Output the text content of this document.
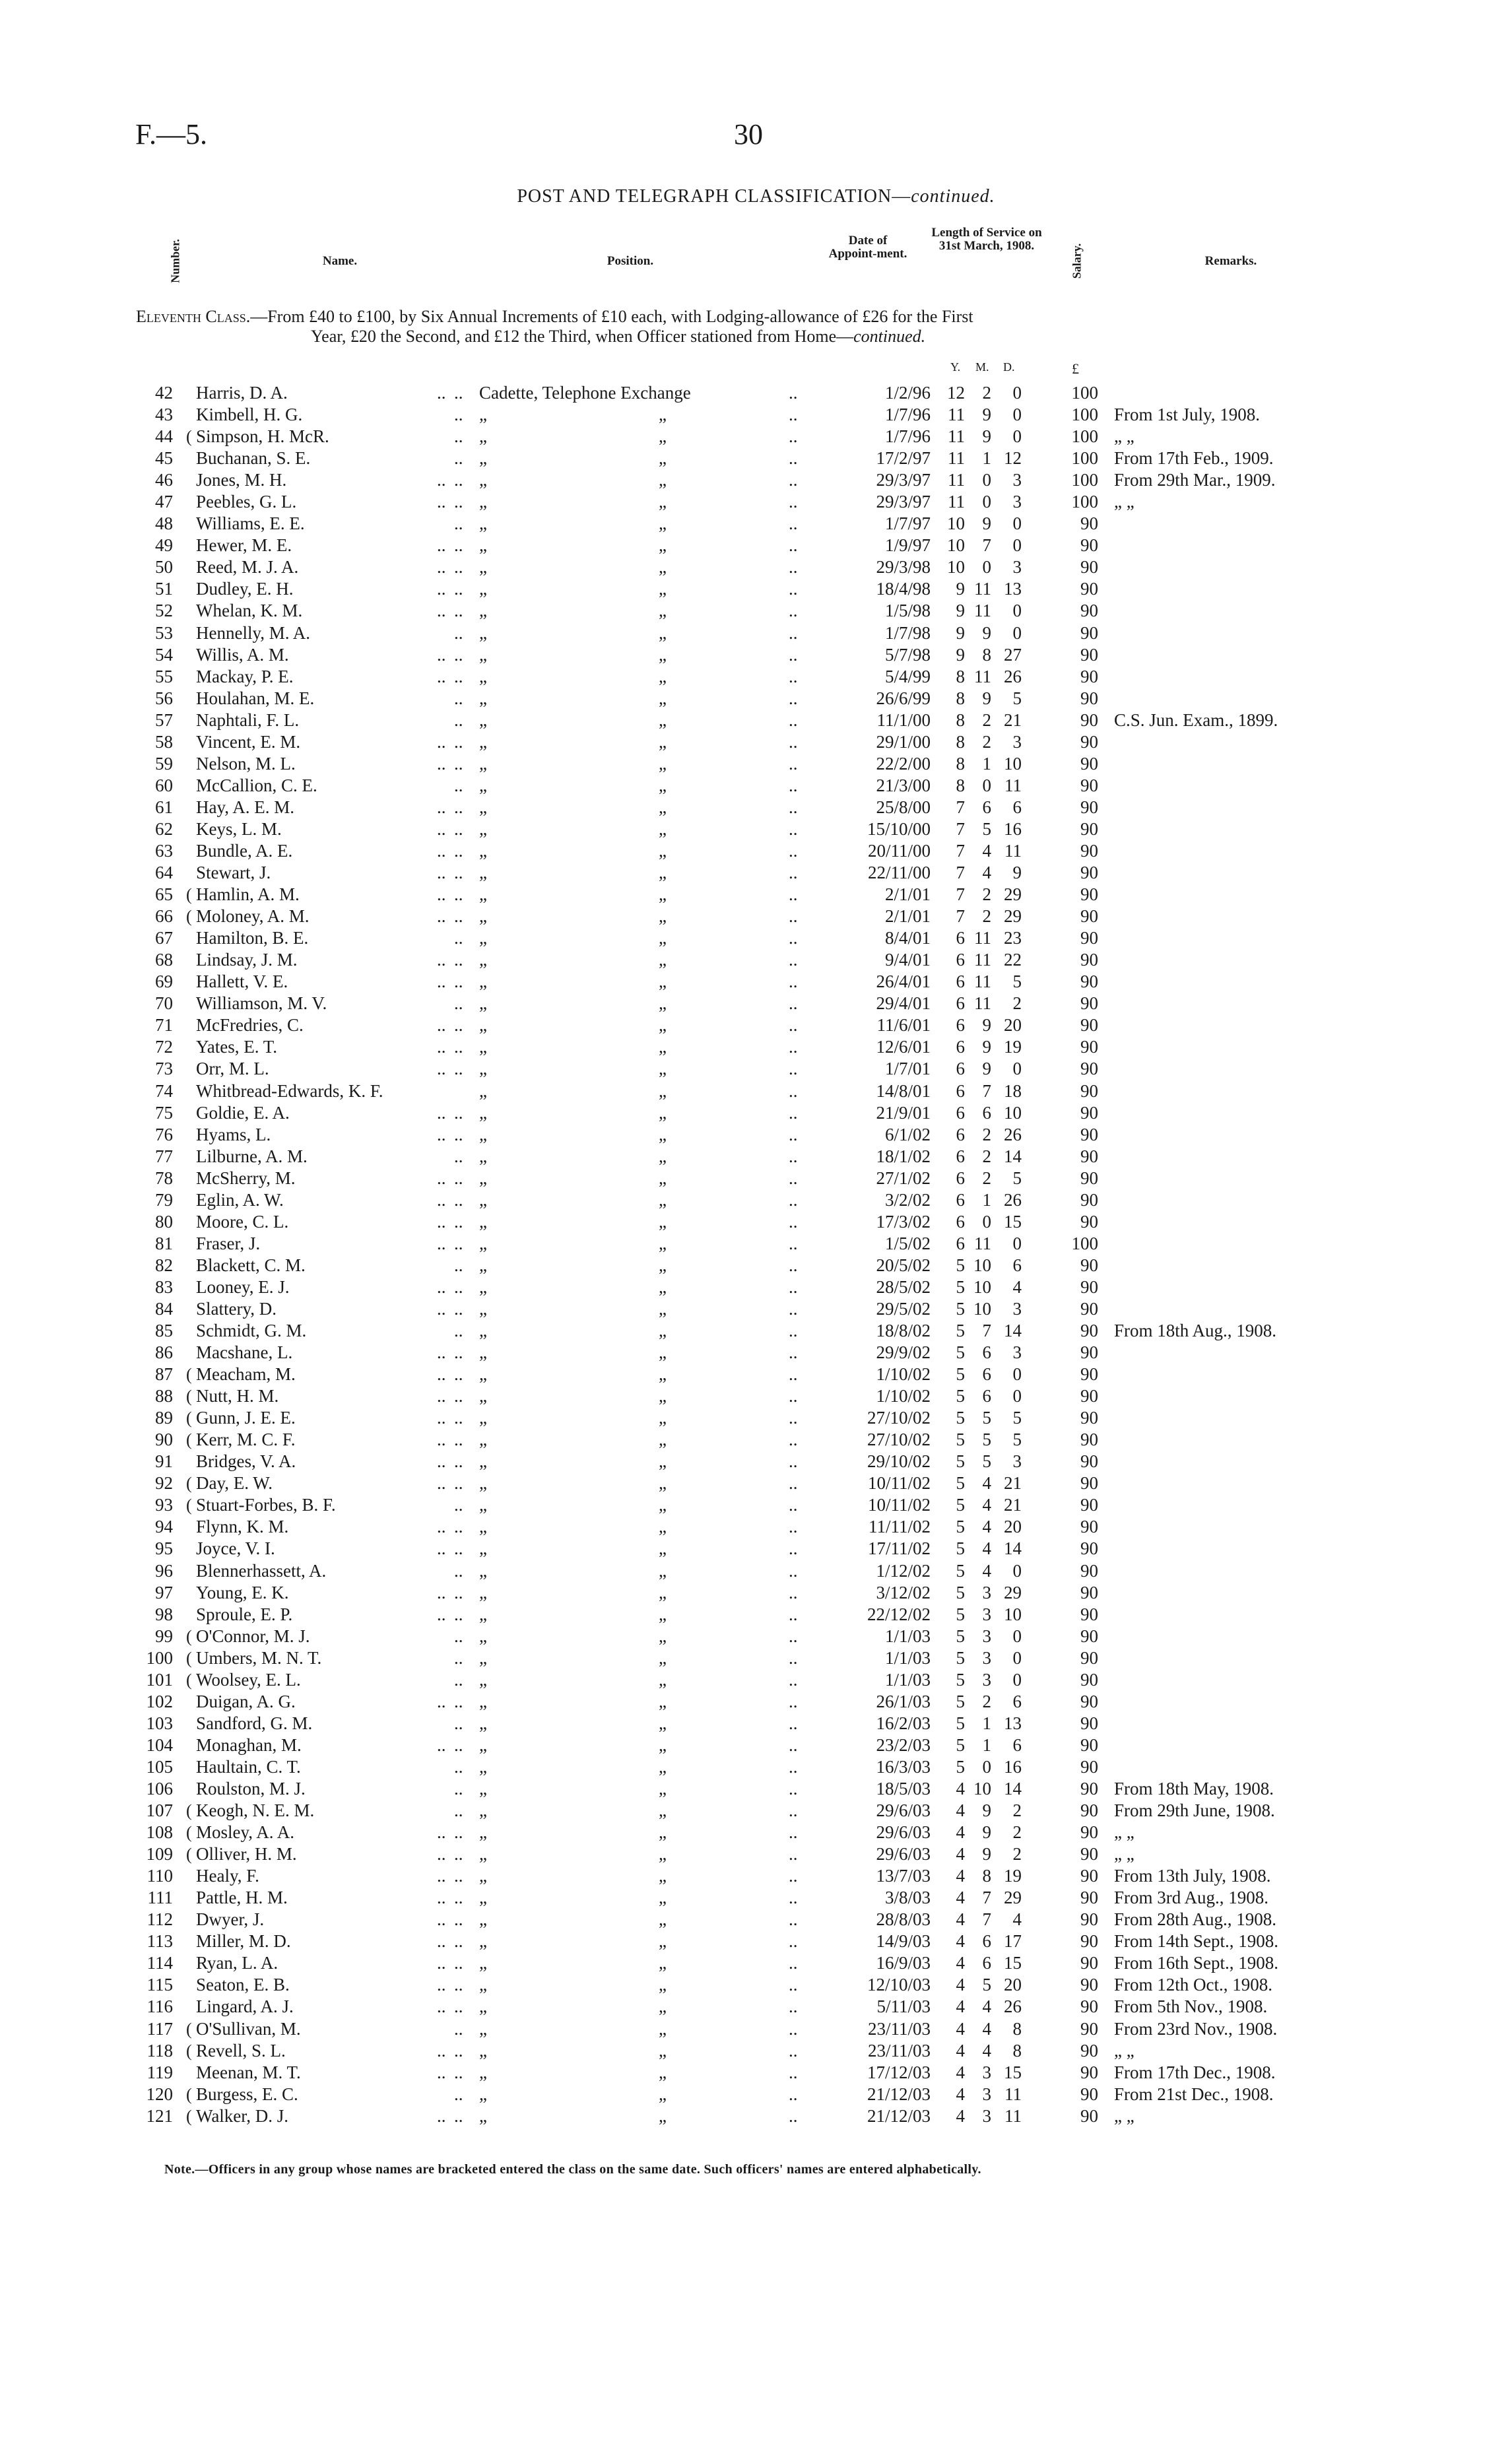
F.—5.	30
POST AND TELEGRAPH CLASSIFICATION—continued.
Number.	Name.	Position.
Date of Appoint-ment.
Length of Service on 31st March, 1908.	Salary.	Remarks.
Eleventh Class.—From £40 to £100, by Six Annual Increments of £10 each, with Lodging-allowance of £26 for the First
Year, £20 the Second, and £12 the Third, when Officer stationed from Home—continued.
Y. M. D.	£
42 Harris, D. A.	.. .. Cadette, Telephone Exchange	..	1/2/96 12 2	0	100
43 Kimbell, H. G.	.. „	„	..	1/7/96 11 9	0	100 From 1st July, 1908.
44 ( Simpson, H. McR.	.. „	„	..	1/7/96 11 9	0	100 „ „
45 Buchanan, S. E.	.. „	„	..	17/2/97 11 1 12	100 From 17th Feb., 1909.
46 Jones, M. H.	.. .. „	„	..	29/3/97 11 0	3	100 From 29th Mar., 1909.
47 Peebles, G. L.	.. .. „	„	..	29/3/97 11 0	3	100 „ „
48 Williams, E. E.	.. „	„	..	1/7/97 10 9	0	90
49 Hewer, M. E.	.. .. „	„	..	1/9/97 10 7	0	90
50 Reed, M. J. A.	.. .. „	„	..	29/3/98 10 0	3	90
51 Dudley, E. H.	.. .. „	„	..	18/4/98	9 11 13	90
52 Whelan, K. M.	.. .. „	„	..	1/5/98	9 11	0	90
53 Hennelly, M. A.	.. „	„	..	1/7/98	9 9	0	90
54 Willis, A. M.	.. .. „	„	..	5/7/98	9 8 27	90
55 Mackay, P. E.	.. .. „	„	..	5/4/99	8 11 26	90
56 Houlahan, M. E.	.. „	„	..	26/6/99	8 9	5	90
57 Naphtali, F. L.	.. „	„	..	11/1/00	8 2 21	90 C.S. Jun. Exam., 1899.
58 Vincent, E. M.	.. .. „	„	..	29/1/00	8 2	3	90
59 Nelson, M. L.	.. .. „	„	..	22/2/00	8 1 10	90
60 McCallion, C. E.	.. „	„	..	21/3/00	8 0 11	90
61 Hay, A. E. M.	.. .. „	„	..	25/8/00	7 6	6	90
62 Keys, L. M.	.. .. „	„	..	15/10/00	7 5 16	90
63 Bundle, A. E.	.. .. „	„	..	20/11/00	7 4 11	90
64 Stewart, J.	.. .. „	„	..	22/11/00	7 4	9	90
65 ( Hamlin, A. M.	.. .. „	„	..	2/1/01	7 2 29	90
66 ( Moloney, A. M.	.. .. „	„	..	2/1/01	7 2 29	90
67 Hamilton, B. E.	.. „	„	..	8/4/01	6 11 23	90
68 Lindsay, J. M.	.. .. „	„	..	9/4/01	6 11 22	90
69 Hallett, V. E.	.. .. „	„	..	26/4/01	6 11	5	90
70 Williamson, M. V.	.. „	„	..	29/4/01	6 11	2	90
71 McFredries, C.	.. .. „	„	..	11/6/01	6 9 20	90
72 Yates, E. T.	.. .. „	„	..	12/6/01	6 9 19	90
73 Orr, M. L.	.. .. „	„	..	1/7/01	6 9	0	90
74 Whitbread-Edwards, K. F.	„	„	..	14/8/01	6 7 18	90
75 Goldie, E. A.	.. .. „	„	..	21/9/01	6 6 10	90
76 Hyams, L.	.. .. „	„	..	6/1/02	6 2 26	90
77 Lilburne, A. M.	.. „	„	..	18/1/02	6 2 14	90
78 McSherry, M.	.. .. „	„	..	27/1/02	6 2	5	90
79 Eglin, A. W.	.. .. „	„	..	3/2/02	6 1 26	90
80 Moore, C. L.	.. .. „	„	..	17/3/02	6 0 15	90
81 Fraser, J.	.. .. „	„	..	1/5/02	6 11	0	100
82 Blackett, C. M.	.. „	„	..	20/5/02	5 10	6	90
83 Looney, E. J.	.. .. „	„	..	28/5/02	5 10	4	90
84 Slattery, D.	.. .. „	„	..	29/5/02	5 10	3	90
85 Schmidt, G. M.	.. „	„	..	18/8/02	5 7 14	90 From 18th Aug., 1908.
86 Macshane, L.	.. .. „	„	..	29/9/02	5 6	3	90
87 ( Meacham, M.	.. .. „	„	..	1/10/02	5 6	0	90
88 ( Nutt, H. M.	.. .. „	„	..	1/10/02	5 6	0	90
89 ( Gunn, J. E. E.	.. .. „	„	..	27/10/02	5 5	5	90
90 ( Kerr, M. C. F.	.. .. „	„	..	27/10/02	5 5	5	90
91 Bridges, V. A.	.. .. „	„	..	29/10/02	5 5	3	90
92 ( Day, E. W.	.. .. „	„	..	10/11/02	5 4 21	90
93 ( Stuart-Forbes, B. F.	.. „	„	..	10/11/02	5 4 21	90
94 Flynn, K. M.	.. .. „	„	..	11/11/02	5 4 20	90
95 Joyce, V. I.	.. .. „	„	..	17/11/02	5 4 14	90
96 Blennerhassett, A.	.. „	„	..	1/12/02	5 4	0	90
97 Young, E. K.	.. .. „	„	..	3/12/02	5 3 29	90
98 Sproule, E. P.	.. .. „	„	..	22/12/02	5 3 10	90
99 ( O'Connor, M. J.	.. „	„	..	1/1/03	5 3	0	90
100 ( Umbers, M. N. T.	.. „	„	..	1/1/03	5 3	0	90
101 ( Woolsey, E. L.	.. „	„	..	1/1/03	5 3	0	90
102 Duigan, A. G.	.. .. „	„	..	26/1/03	5 2	6	90
103 Sandford, G. M.	.. „	„	..	16/2/03	5 1 13	90
104 Monaghan, M.	.. .. „	„	..	23/2/03	5 1	6	90
105 Haultain, C. T.	.. „	„	..	16/3/03	5 0 16	90
106 Roulston, M. J.	.. „	„	..	18/5/03	4 10 14	90 From 18th May, 1908.
107 ( Keogh, N. E. M.	.. „	„	..	29/6/03	4 9	2	90 From 29th June, 1908.
108 ( Mosley, A. A.	.. .. „	„	..	29/6/03	4 9	2	90 „ „
109 ( Olliver, H. M.	.. .. „	„	..	29/6/03	4 9	2	90 „ „
110 Healy, F.	.. .. „	„	..	13/7/03	4 8 19	90 From 13th July, 1908.
111 Pattle, H. M.	.. .. „	„	..	3/8/03	4 7 29	90 From 3rd Aug., 1908.
112 Dwyer, J.	.. .. „	„	..	28/8/03	4 7	4	90 From 28th Aug., 1908.
113 Miller, M. D.	.. .. „	„	..	14/9/03	4 6 17	90 From 14th Sept., 1908.
114 Ryan, L. A.	.. .. „	„	..	16/9/03	4 6 15	90 From 16th Sept., 1908.
115 Seaton, E. B.	.. .. „	„	..	12/10/03	4 5 20	90 From 12th Oct., 1908.
116 Lingard, A. J.	.. .. „	„	..	5/11/03	4 4 26	90 From 5th Nov., 1908.
117 ( O'Sullivan, M.	.. „	„	..	23/11/03	4 4	8	90 From 23rd Nov., 1908.
118 ( Revell, S. L.	.. .. „	„	..	23/11/03	4 4	8	90 „ „
119 Meenan, M. T.	.. .. „	„	..	17/12/03	4 3 15	90 From 17th Dec., 1908.
120 ( Burgess, E. C.	.. „	„	..	21/12/03	4 3 11	90 From 21st Dec., 1908.
121 ( Walker, D. J.	.. .. „	„	..	21/12/03	4 3 11	90 „ „
Note.—Officers in any group whose names are bracketed entered the class on the same date. Such officers' names are entered alphabetically.
